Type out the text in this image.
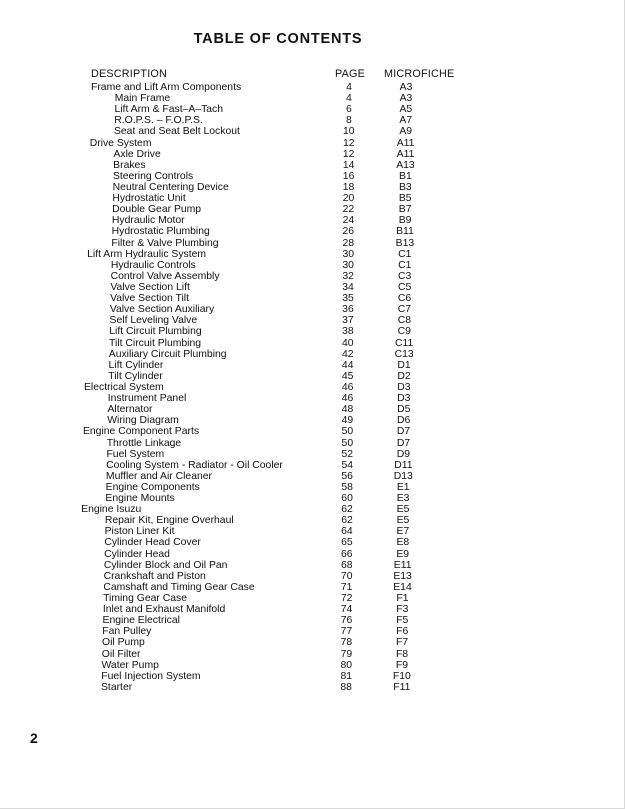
TABLE OF CONTENTS
DESCRIPTION	PAGE MICROFICHE
Frame and Lift Arm Components	4	A3
Main Frame	4	A3
Lift Arm & Fast–A–Tach	6	A5
R.O.P.S. – F.O.P.S.	8	A7
Seat and Seat Belt Lockout	10	A9
Drive System	12	A11
Axle Drive	12	A11
Brakes	14	A13
Steering Controls	16	B1
Neutral Centering Device	18	B3
Hydrostatic Unit	20	B5
Double Gear Pump	22	B7
Hydraulic Motor	24	B9
Hydrostatic Plumbing	26	B11
Filter & Valve Plumbing	28	B13
Lift Arm Hydraulic System	30	C1
Hydraulic Controls	30	C1
Control Valve Assembly	32	C3
Valve Section Lift	34	C5
Valve Section Tilt	35	C6
Valve Section Auxiliary	36	C7
Self Leveling Valve	37	C8
Lift Circuit Plumbing	38	C9
Tilt Circuit Plumbing	40	C11
Auxiliary Circuit Plumbing	42	C13
Lift Cylinder	44	D1
Tilt Cylinder	45	D2
Electrical System	46	D3
Instrument Panel	46	D3
Alternator	48	D5
Wiring Diagram	49	D6
Engine Component Parts	50	D7
Throttle Linkage	50	D7
Fuel System	52	D9
Cooling System - Radiator - Oil Cooler	54	D11
Muffler and Air Cleaner	56	D13
Engine Components	58	E1
Engine Mounts	60	E3
Engine Isuzu	62	E5
Repair Kit, Engine Overhaul	62	E5
Piston Liner Kit	64	E7
Cylinder Head Cover	65	E8
Cylinder Head	66	E9
Cylinder Block and Oil Pan	68	E11
Crankshaft and Piston	70	E13
Camshaft and Timing Gear Case	71	E14
Timing Gear Case	72	F1
Inlet and Exhaust Manifold	74	F3
Engine Electrical	76	F5
Fan Pulley	77	F6
Oil Pump	78	F7
Oil Filter	79	F8
Water Pump	80	F9
Fuel Injection System	81	F10
Starter	88	F11
2
